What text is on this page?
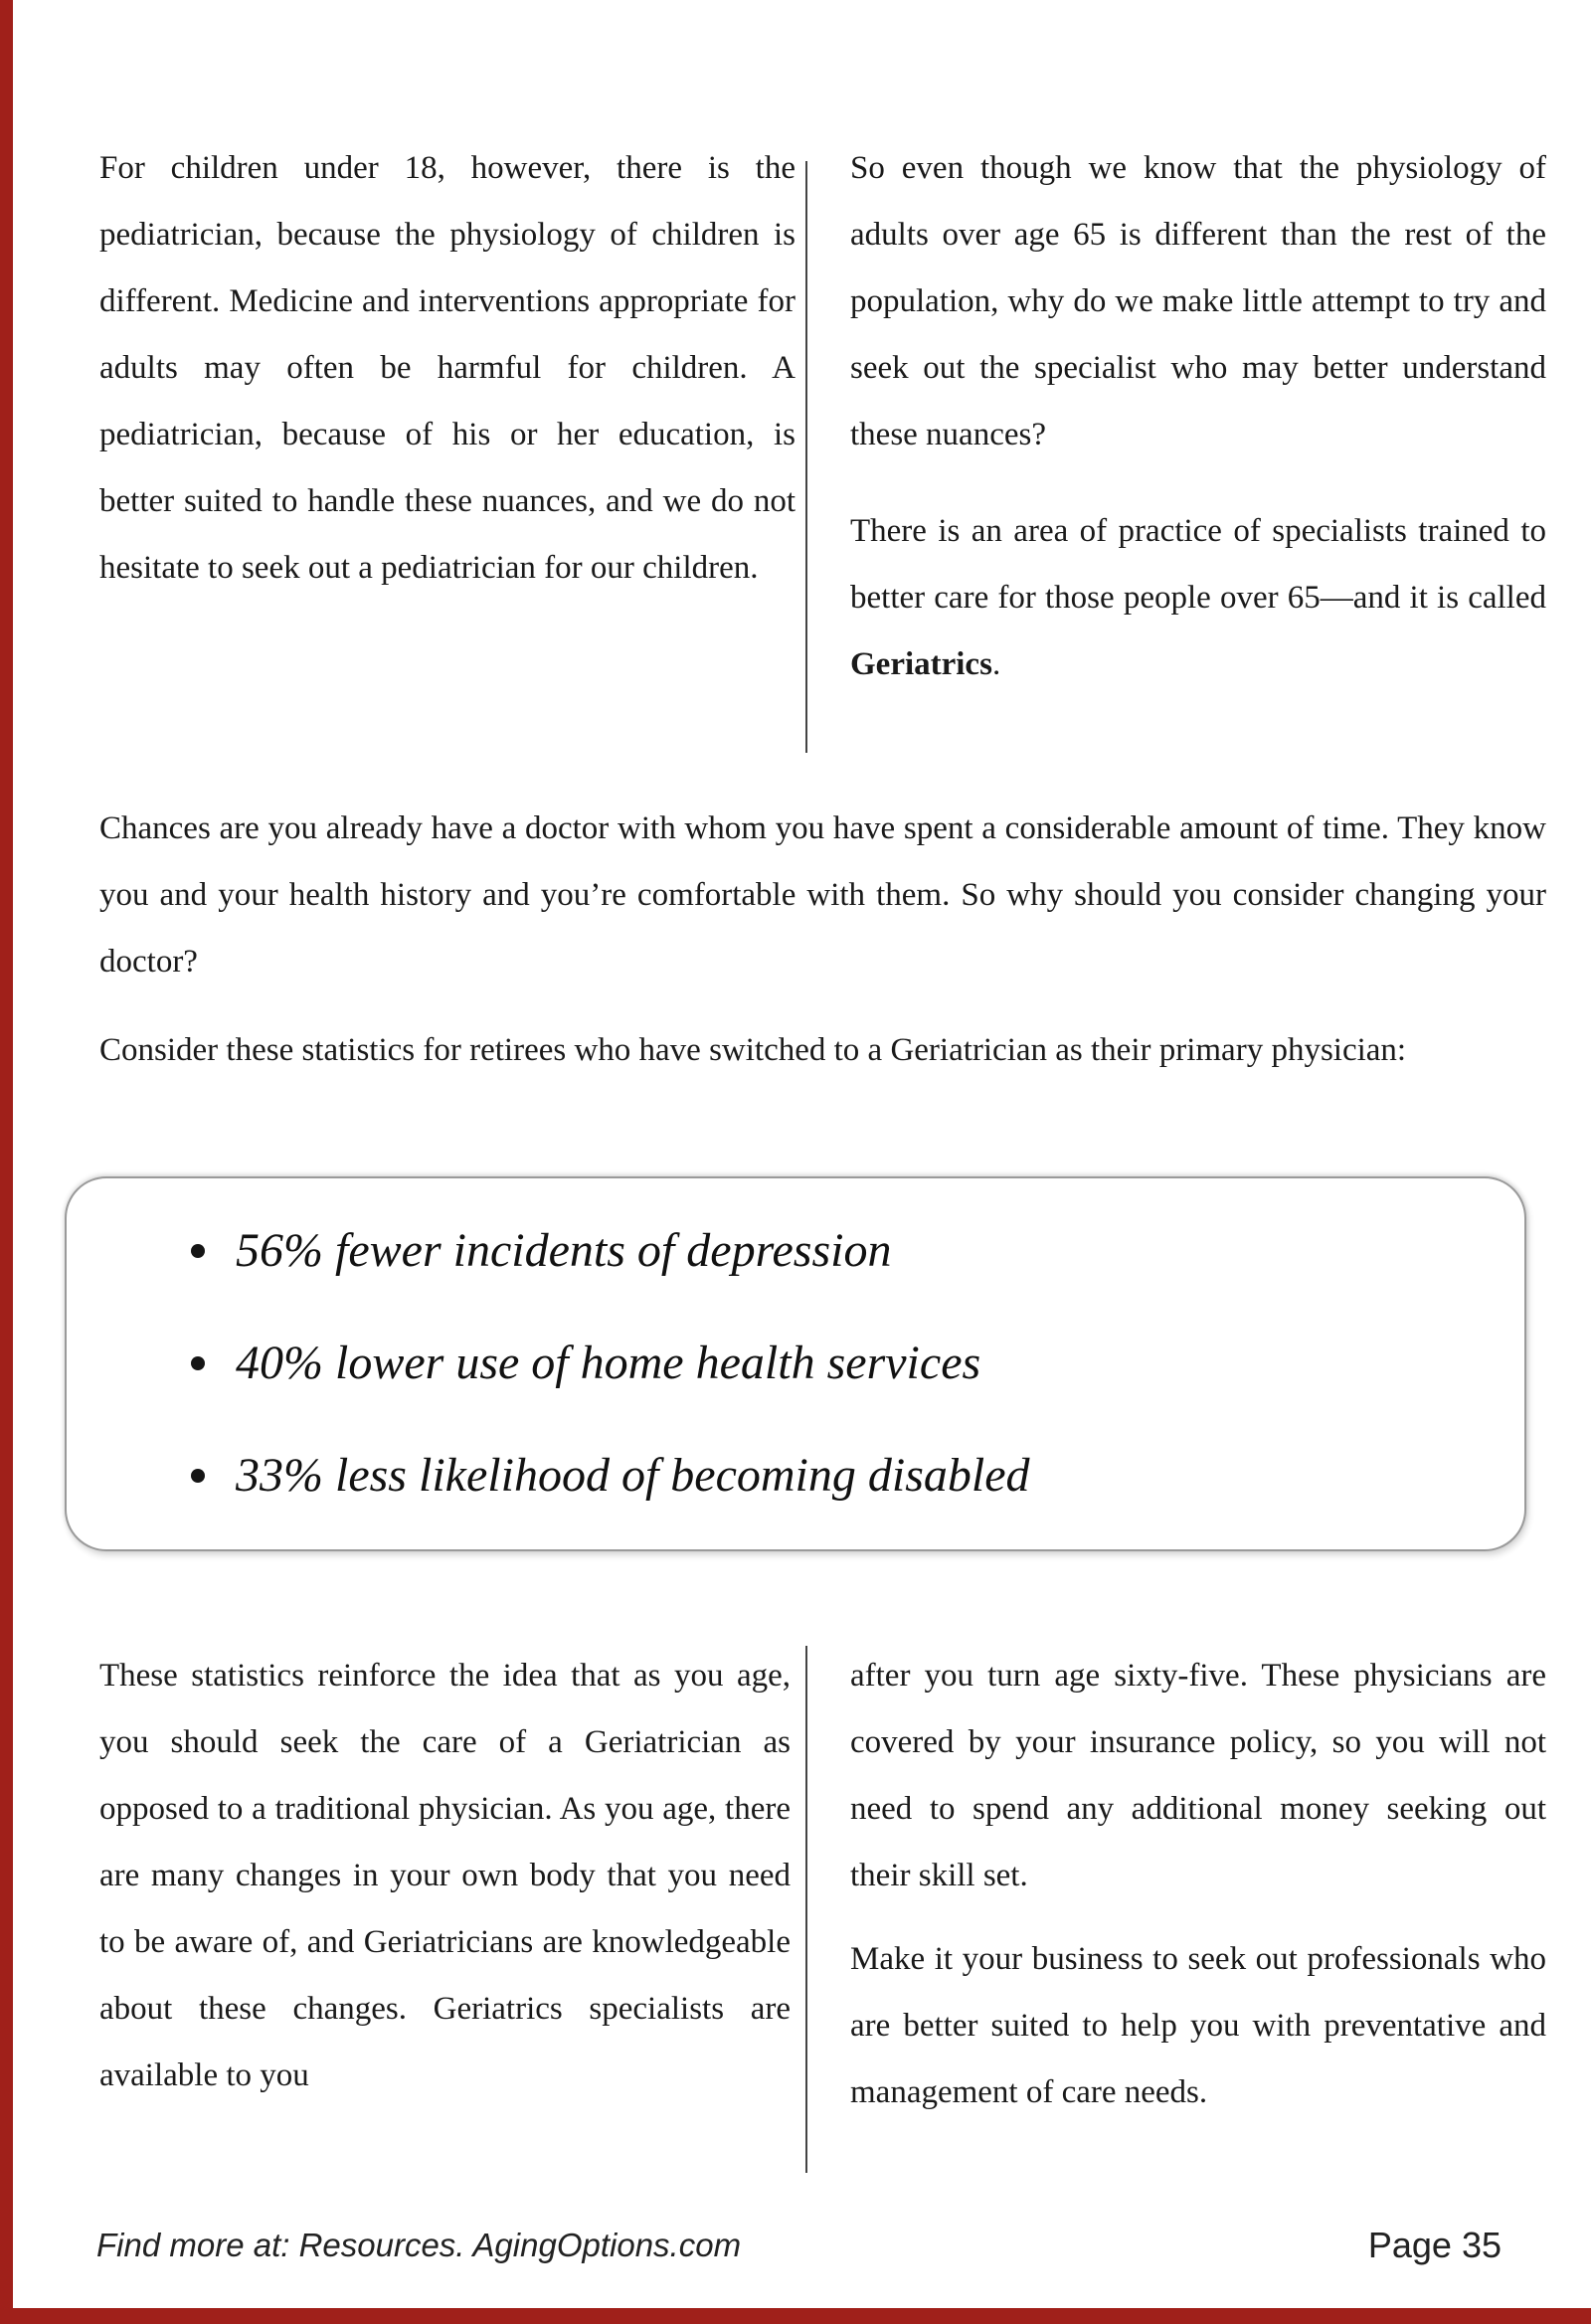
For children under 18, however, there is the pediatrician, because the physiology of children is different. Medicine and interventions appropriate for adults may often be harmful for children. A pediatrician, because of his or her education, is better suited to handle these nuances, and we do not hesitate to seek out a pediatrician for our children.

So even though we know that the physiology of adults over age 65 is different than the rest of the population, why do we make little attempt to try and seek out the specialist who may better understand these nuances?

There is an area of practice of specialists trained to better care for those people over 65—and it is called Geriatrics.

Chances are you already have a doctor with whom you have spent a considerable amount of time. They know you and your health history and you’re comfortable with them. So why should you consider changing your doctor?

Consider these statistics for retirees who have switched to a Geriatrician as their primary physician:

56% fewer incidents of depression
40% lower use of home health services
33% less likelihood of becoming disabled

These statistics reinforce the idea that as you age, you should seek the care of a Geriatrician as opposed to a traditional physician. As you age, there are many changes in your own body that you need to be aware of, and Geriatricians are knowledgeable about these changes. Geriatrics specialists are available to you

after you turn age sixty-five. These physicians are covered by your insurance policy, so you will not need to spend any additional money seeking out their skill set.

Make it your business to seek out professionals who are better suited to help you with preventative and management of care needs.

Find more at: Resources. AgingOptions.com	Page 35
